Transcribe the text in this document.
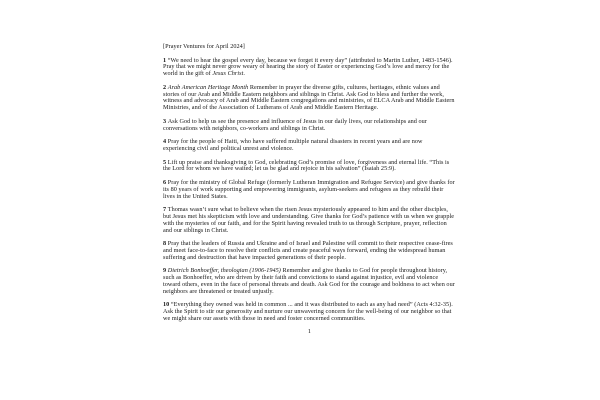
[Prayer Ventures for April 2024]

1 “We need to hear the gospel every day, because we forget it every day” (attributed to Martin Luther, 1483-1546). Pray that we might never grow weary of hearing the story of Easter or experiencing God’s love and mercy for the world in the gift of Jesus Christ.

2 Arab American Heritage Month Remember in prayer the diverse gifts, cultures, heritages, ethnic values and stories of our Arab and Middle Eastern neighbors and siblings in Christ. Ask God to bless and further the work, witness and advocacy of Arab and Middle Eastern congregations and ministries, of ELCA Arab and Middle Eastern Ministries, and of the Association of Lutherans of Arab and Middle Eastern Heritage.

3 Ask God to help us see the presence and influence of Jesus in our daily lives, our relationships and our conversations with neighbors, co-workers and siblings in Christ.

4 Pray for the people of Haiti, who have suffered multiple natural disasters in recent years and are now experiencing civil and political unrest and violence.

5 Lift up praise and thanksgiving to God, celebrating God’s promise of love, forgiveness and eternal life. “This is the Lord for whom we have waited; let us be glad and rejoice in his salvation” (Isaiah 25:9).

6 Pray for the ministry of Global Refuge (formerly Lutheran Immigration and Refugee Service) and give thanks for its 80 years of work supporting and empowering immigrants, asylum-seekers and refugees as they rebuild their lives in the United States.

7 Thomas wasn’t sure what to believe when the risen Jesus mysteriously appeared to him and the other disciples, but Jesus met his skepticism with love and understanding. Give thanks for God’s patience with us when we grapple with the mysteries of our faith, and for the Spirit having revealed truth to us through Scripture, prayer, reflection and our siblings in Christ.

8 Pray that the leaders of Russia and Ukraine and of Israel and Palestine will commit to their respective cease-fires and meet face-to-face to resolve their conflicts and create peaceful ways forward, ending the widespread human suffering and destruction that have impacted generations of their people.

9 Dietrich Bonhoeffer, theologian (1906-1945) Remember and give thanks to God for people throughout history, such as Bonhoeffer, who are driven by their faith and convictions to stand against injustice, evil and violence toward others, even in the face of personal threats and death. Ask God for the courage and boldness to act when our neighbors are threatened or treated unjustly.

10 “Everything they owned was held in common ... and it was distributed to each as any had need” (Acts 4:32-35). Ask the Spirit to stir our generosity and nurture our unwavering concern for the well-being of our neighbor so that we might share our assets with those in need and foster concerned communities.

1
